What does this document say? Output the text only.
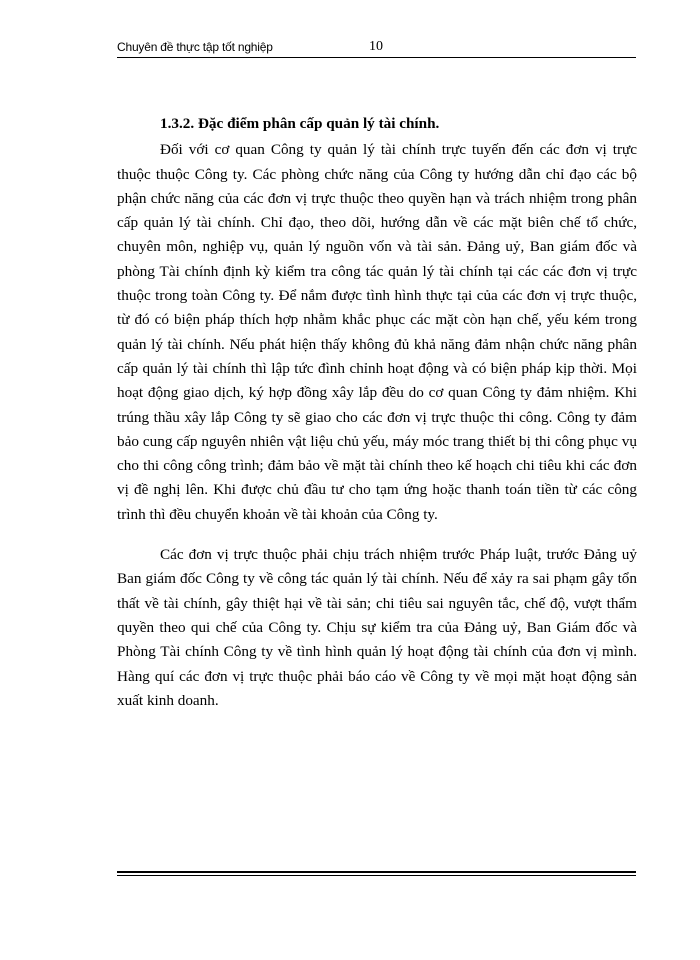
Chuyên đề thực tập tốt nghiệp	10
1.3.2. Đặc điểm phân cấp quản lý tài chính.

Đối với cơ quan Công ty quản lý tài chính trực tuyến đến các đơn vị trực thuộc thuộc Công ty. Các phòng chức năng của Công ty hướng dẫn chỉ đạo các bộ phận chức năng của các đơn vị trực thuộc theo quyền hạn và trách nhiệm trong phân cấp quản lý tài chính. Chỉ đạo, theo dõi, hướng dẫn về các mặt biên chế tổ chức, chuyên môn, nghiệp vụ, quản lý nguồn vốn và tài sản. Đảng uỷ, Ban giám đốc và phòng Tài chính định kỳ kiểm tra công tác quản lý tài chính tại các các đơn vị trực thuộc trong toàn Công ty. Để nắm được tình hình thực tại của các đơn vị trực thuộc, từ đó có biện pháp thích hợp nhằm khắc phục các mặt còn hạn chế, yếu kém trong quản lý tài chính. Nếu phát hiện thấy không đủ khả năng đảm nhận chức năng phân cấp quản lý tài chính thì lập tức đình chỉnh hoạt động và có biện pháp kịp thời. Mọi hoạt động giao dịch, ký hợp đồng xây lắp đều do cơ quan Công ty đảm nhiệm. Khi trúng thầu xây lắp Công ty sẽ giao cho các đơn vị trực thuộc thi công. Công ty đảm bảo cung cấp nguyên nhiên vật liệu chủ yếu, máy móc trang thiết bị thi công phục vụ cho thi công công trình; đảm bảo về mặt tài chính theo kế hoạch chi tiêu khi các đơn vị đề nghị lên. Khi được chủ đầu tư cho tạm ứng hoặc thanh toán tiền từ các công trình thì đều chuyển khoản về tài khoản của Công ty.

Các đơn vị trực thuộc phải chịu trách nhiệm trước Pháp luật, trước Đảng uỷ Ban giám đốc Công ty về công tác quản lý tài chính. Nếu để xảy ra sai phạm gây tổn thất về tài chính, gây thiệt hại về tài sản; chi tiêu sai nguyên tắc, chế độ, vượt thẩm quyền theo qui chế của Công ty. Chịu sự kiểm tra của Đảng uỷ, Ban Giám đốc và Phòng Tài chính Công ty về tình hình quản lý hoạt động tài chính của đơn vị mình. Hàng quí các đơn vị trực thuộc phải báo cáo về Công ty về mọi mặt hoạt động sản xuất kinh doanh.
